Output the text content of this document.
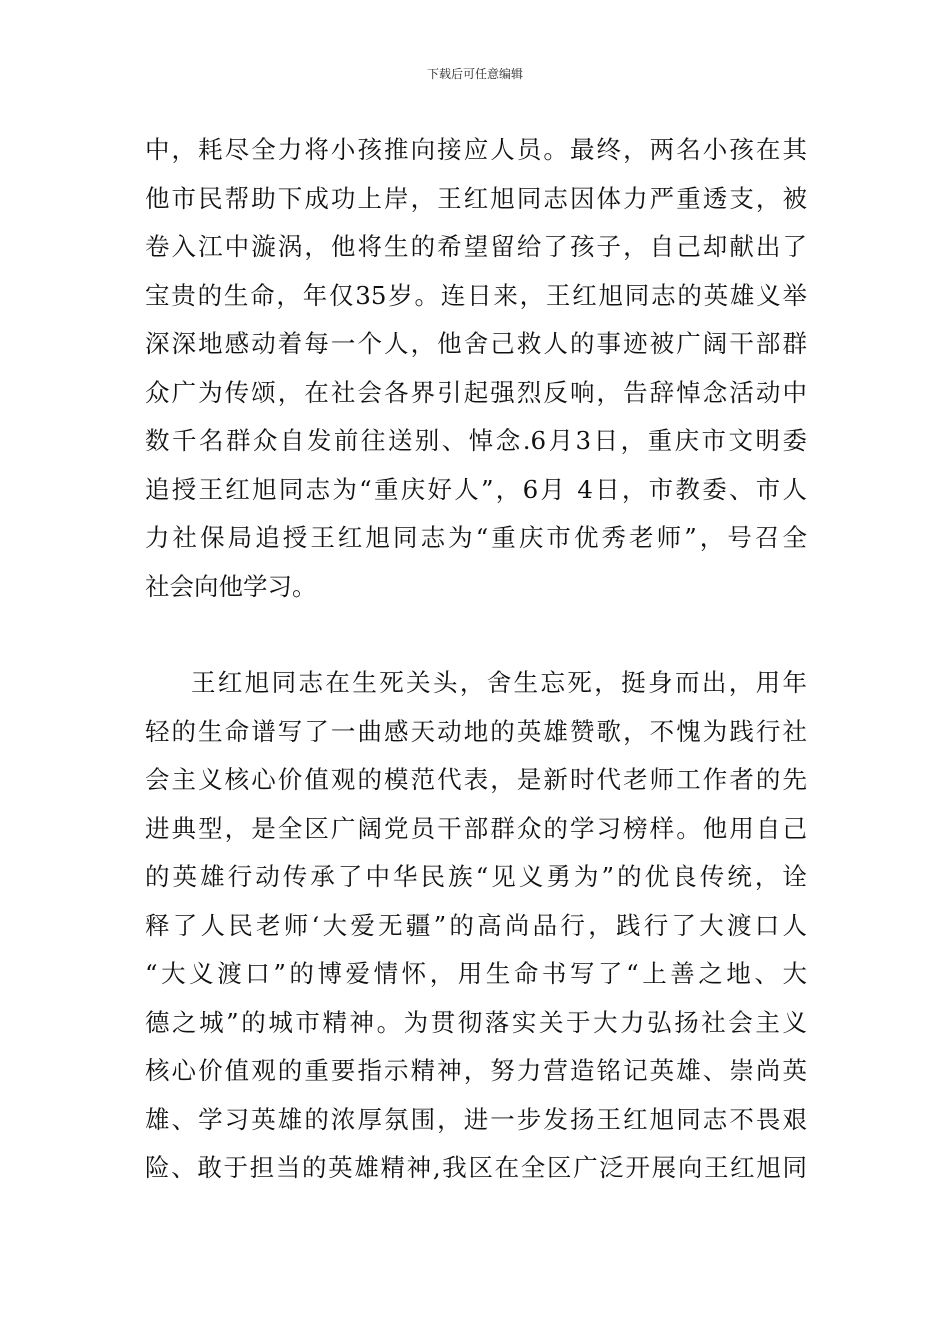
下载后可任意编辑
中，耗尽全力将小孩推向接应人员。最终，两名小孩在其
他市民帮助下成功上岸，王红旭同志因体力严重透支，被
卷入江中漩涡，他将生的希望留给了孩子，自己却献出了
宝贵的生命，年仅35岁。连日来，王红旭同志的英雄义举
深深地感动着每一个人，他舍己救人的事迹被广阔干部群
众广为传颂，在社会各界引起强烈反响，告辞悼念活动中
数千名群众自发前往送别、悼念.6月3日，重庆市文明委
追授王红旭同志为“重庆好人”，6月 4日，市教委、市人
力社保局追授王红旭同志为“重庆市优秀老师”，号召全
社会向他学习。
王红旭同志在生死关头，舍生忘死，挺身而出，用年
轻的生命谱写了一曲感天动地的英雄赞歌，不愧为践行社
会主义核心价值观的模范代表，是新时代老师工作者的先
进典型，是全区广阔党员干部群众的学习榜样。他用自己
的英雄行动传承了中华民族“见义勇为”的优良传统，诠
释了人民老师‘大爱无疆”的高尚品行，践行了大渡口人
“大义渡口”的博爱情怀，用生命书写了“上善之地、大
德之城”的城市精神。为贯彻落实关于大力弘扬社会主义
核心价值观的重要指示精神，努力营造铭记英雄、崇尚英
雄、学习英雄的浓厚氛围，进一步发扬王红旭同志不畏艰
险、敢于担当的英雄精神,我区在全区广泛开展向王红旭同
